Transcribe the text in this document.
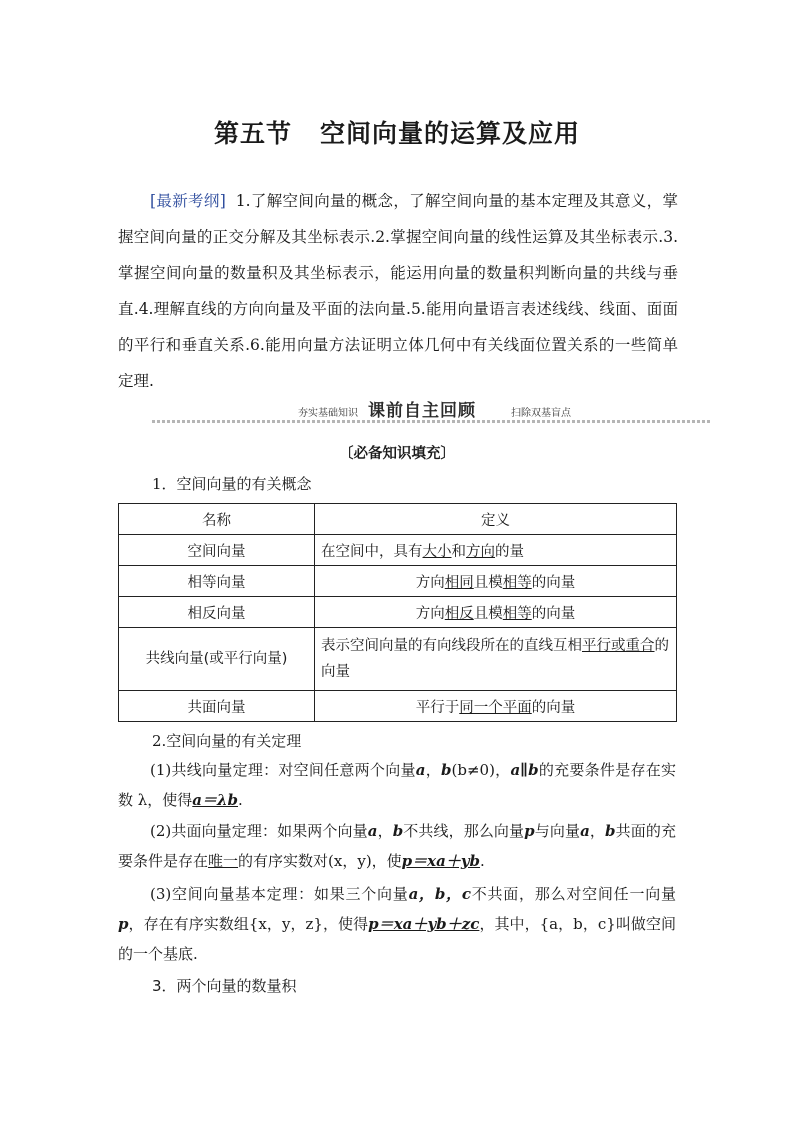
第五节 空间向量的运算及应用
[最新考纲] 1.了解空间向量的概念，了解空间向量的基本定理及其意义，掌握空间向量的正交分解及其坐标表示.2.掌握空间向量的线性运算及其坐标表示.3.掌握空间向量的数量积及其坐标表示，能运用向量的数量积判断向量的共线与垂直.4.理解直线的方向向量及平面的法向量.5.能用向量语言表述线线、线面、面面的平行和垂直关系.6.能用向量方法证明立体几何中有关线面位置关系的一些简单定理.
夯实基础知识 课前自主回顾	扫除双基盲点
〔必备知识填充〕
1．空间向量的有关概念
名称	定义
空间向量	在空间中，具有大小和方向的量
相等向量	方向相同且模相等的向量
相反向量	方向相反且模相等的向量
共线向量(或平行向量)	表示空间向量的有向线段所在的直线互相平行或重合的向量
共面向量	平行于同一个平面的向量
2.空间向量的有关定理
(1)共线向量定理：对空间任意两个向量a，b(b≠0)，a∥b的充要条件是存在实数 λ，使得a＝λb.
(2)共面向量定理：如果两个向量a，b不共线，那么向量p与向量a，b共面的充要条件是存在唯一的有序实数对(x，y)，使p＝xa＋yb.
(3)空间向量基本定理：如果三个向量a，b，c不共面，那么对空间任一向量p，存在有序实数组{x，y，z}，使得p＝xa＋yb＋zc，其中，{a，b，c}叫做空间的一个基底.
3．两个向量的数量积
